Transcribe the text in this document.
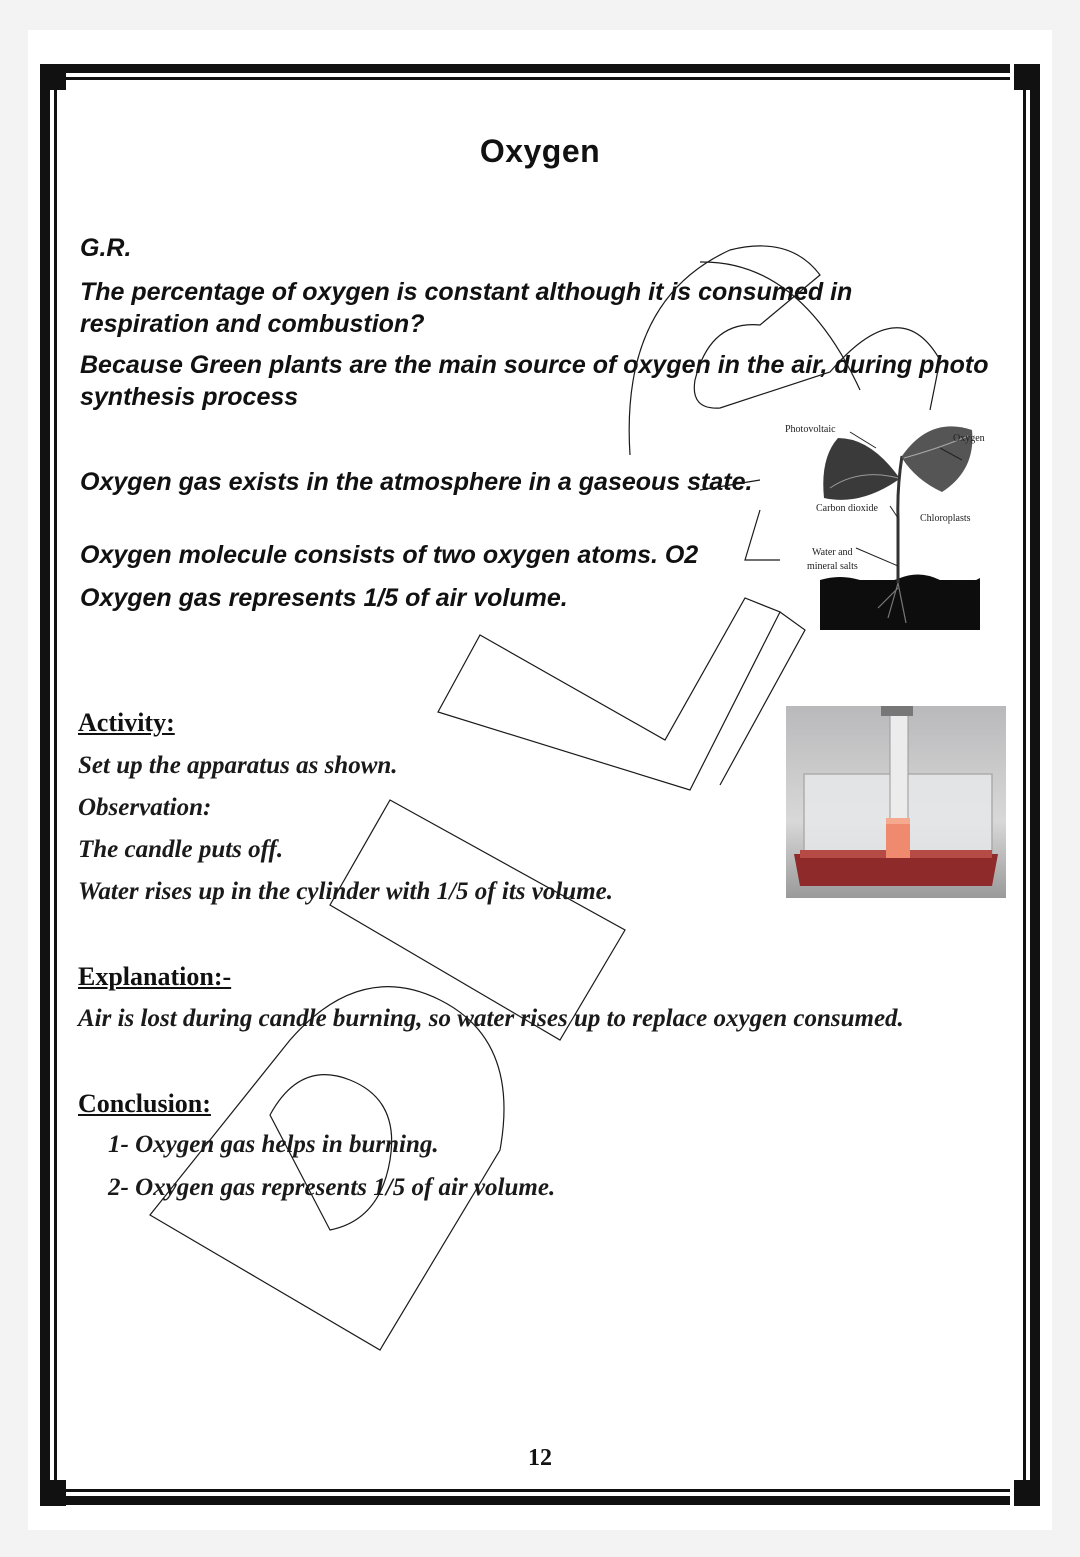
Oxygen
G.R.
The percentage of oxygen is constant although it is consumed in respiration and combustion?
Because Green plants are the main source of oxygen in the air, during photo synthesis process
Oxygen gas exists in the atmosphere in a gaseous state.
Oxygen molecule consists of two oxygen atoms. O2
Oxygen gas represents 1/5 of air volume.
Photovoltaic
Oxygen
Carbon dioxide
Chloroplasts
Water and
mineral salts
Activity:
Set up the apparatus as shown.
Observation:
The candle puts off.
Water rises up in the cylinder with 1/5 of its volume.
Explanation:-
Air is lost during candle burning, so water rises up to replace oxygen consumed.
Conclusion:
1- Oxygen gas helps in burning.
2- Oxygen gas represents 1/5 of air volume.
12
